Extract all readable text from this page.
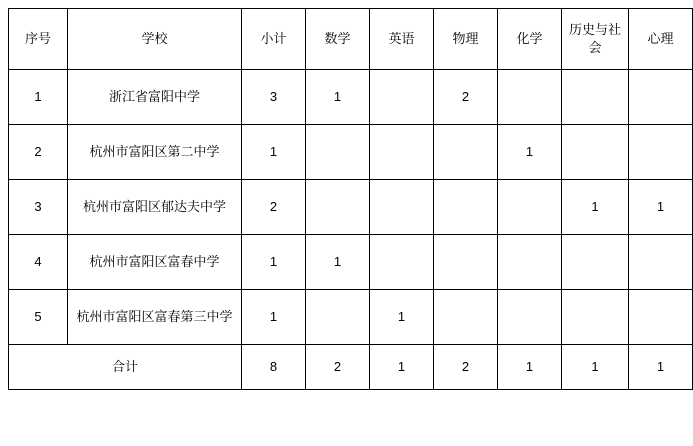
序号	学校	小计	数学	英语	物理	化学	历史与社会	心理
1	浙江省富阳中学	3	1		2			
2	杭州市富阳区第二中学	1				1		
3	杭州市富阳区郁达夫中学	2					1	1
4	杭州市富阳区富春中学	1	1					
5	杭州市富阳区富春第三中学	1		1				
合计		8	2	1	2	1	1	1
